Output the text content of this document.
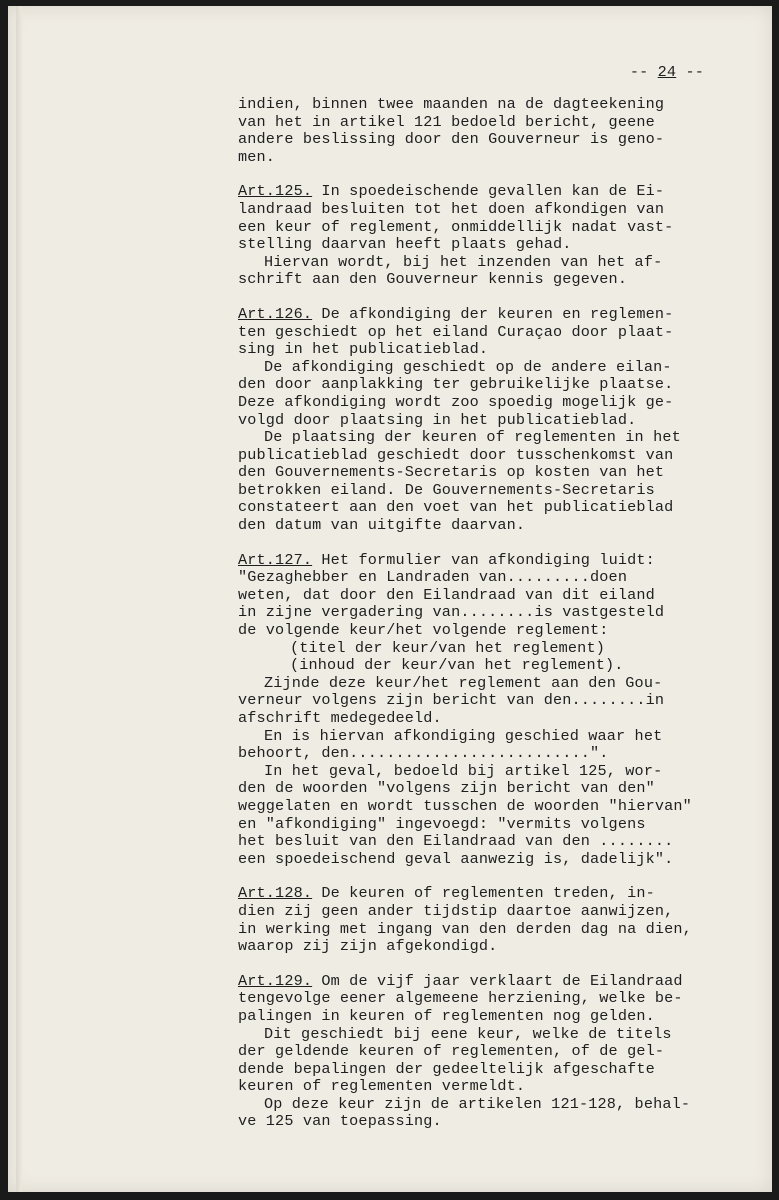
-- 24 --
indien, binnen twee maanden na de dagteekening
van het in artikel 121 bedoeld bericht, geene
andere beslissing door den Gouverneur is geno-
men.
Art.125. In spoedeischende gevallen kan de Ei-
landraad besluiten tot het doen afkondigen van
een keur of reglement, onmiddellijk nadat vast-
stelling daarvan heeft plaats gehad.
Hiervan wordt, bij het inzenden van het af-
schrift aan den Gouverneur kennis gegeven.
Art.126. De afkondiging der keuren en reglemen-
ten geschiedt op het eiland Curaçao door plaat-
sing in het publicatieblad.
De afkondiging geschiedt op de andere eilan-
den door aanplakking ter gebruikelijke plaatse.
Deze afkondiging wordt zoo spoedig mogelijk ge-
volgd door plaatsing in het publicatieblad.
De plaatsing der keuren of reglementen in het
publicatieblad geschiedt door tusschenkomst van
den Gouvernements-Secretaris op kosten van het
betrokken eiland. De Gouvernements-Secretaris
constateert aan den voet van het publicatieblad
den datum van uitgifte daarvan.
Art.127. Het formulier van afkondiging luidt:
"Gezaghebber en Landraden van.........doen
weten, dat door den Eilandraad van dit eiland
in zijne vergadering van........is vastgesteld
de volgende keur/het volgende reglement:
(titel der keur/van het reglement)
(inhoud der keur/van het reglement).
Zijnde deze keur/het reglement aan den Gou-
verneur volgens zijn bericht van den........in
afschrift medegedeeld.
En is hiervan afkondiging geschied waar het
behoort, den..........................".
In het geval, bedoeld bij artikel 125, wor-
den de woorden "volgens zijn bericht van den"
weggelaten en wordt tusschen de woorden "hiervan"
en "afkondiging" ingevoegd: "vermits volgens
het besluit van den Eilandraad van den ........
een spoedeischend geval aanwezig is, dadelijk".
Art.128. De keuren of reglementen treden, in-
dien zij geen ander tijdstip daartoe aanwijzen,
in werking met ingang van den derden dag na dien,
waarop zij zijn afgekondigd.
Art.129. Om de vijf jaar verklaart de Eilandraad
tengevolge eener algemeene herziening, welke be-
palingen in keuren of reglementen nog gelden.
Dit geschiedt bij eene keur, welke de titels
der geldende keuren of reglementen, of de gel-
dende bepalingen der gedeeltelijk afgeschafte
keuren of reglementen vermeldt.
Op deze keur zijn de artikelen 121-128, behal-
ve 125 van toepassing.
